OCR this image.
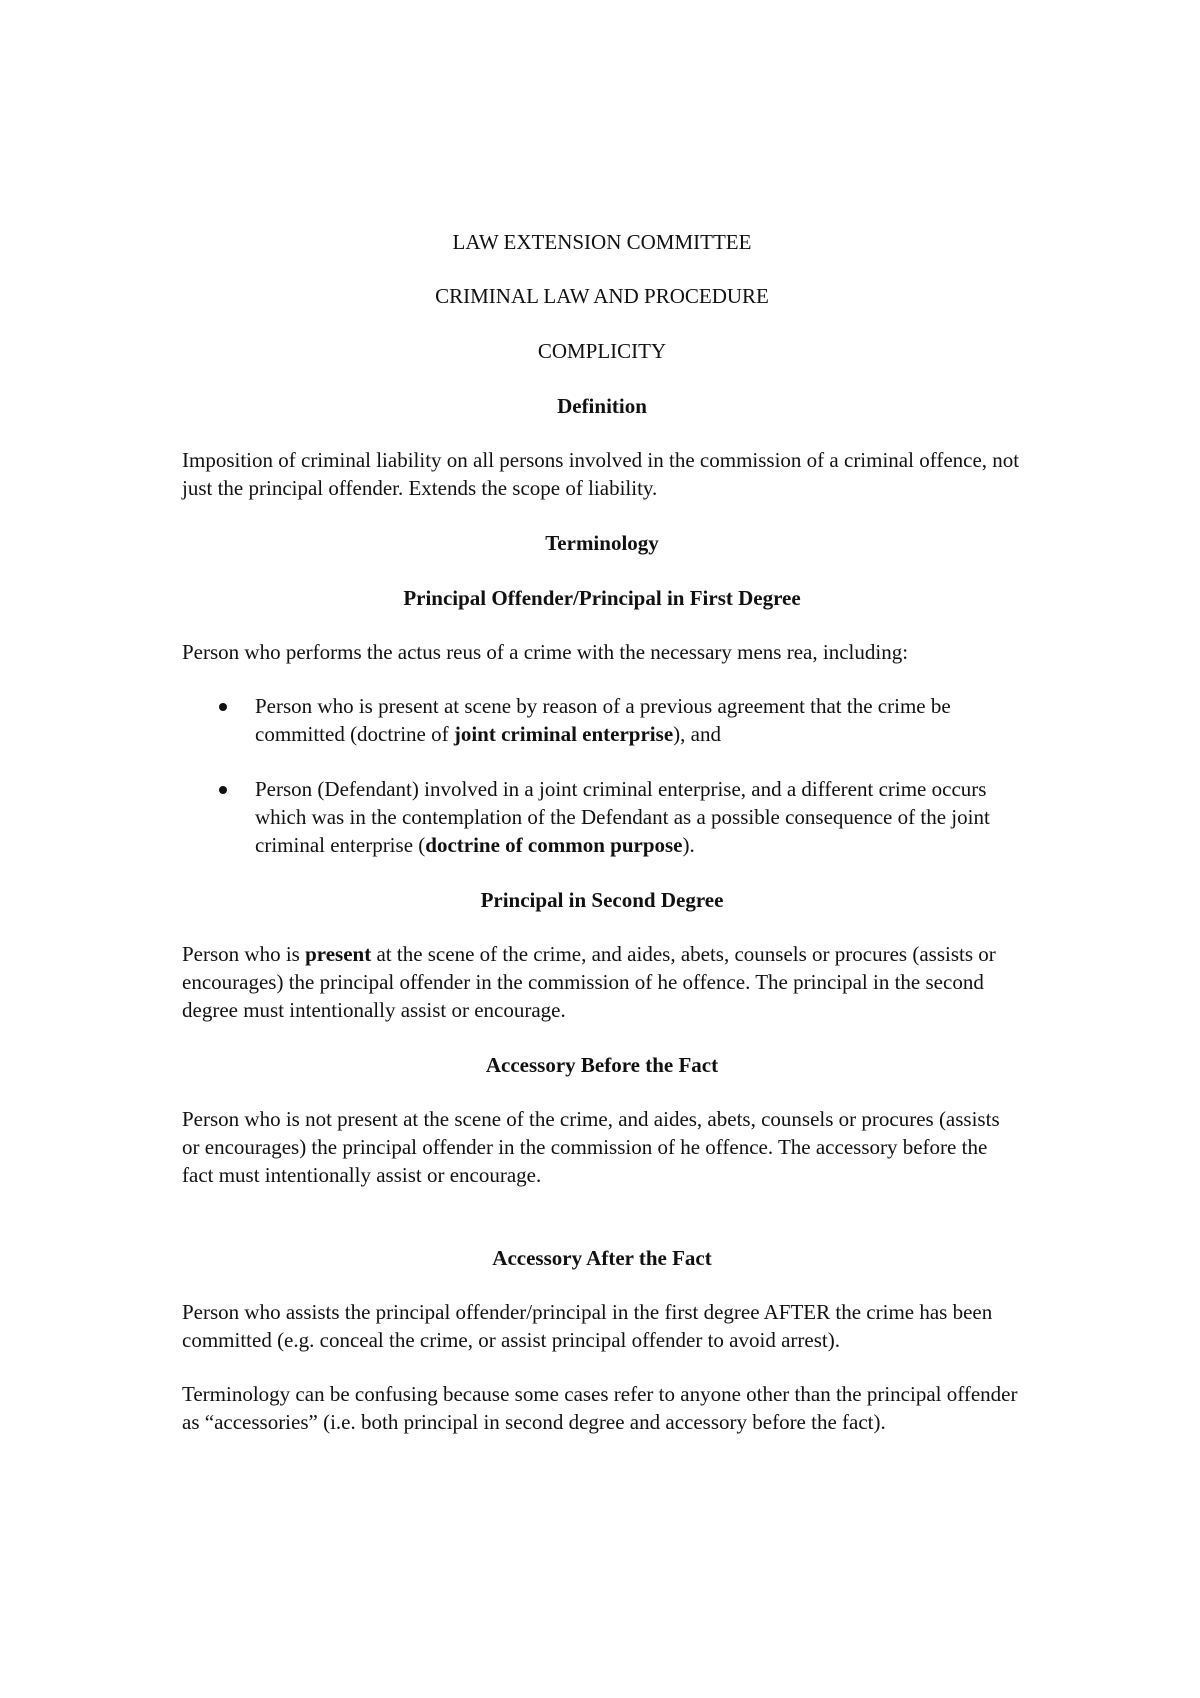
LAW EXTENSION COMMITTEE

CRIMINAL LAW AND PROCEDURE

COMPLICITY

Definition

Imposition of criminal liability on all persons involved in the commission of a criminal offence, not just the principal offender. Extends the scope of liability.

Terminology

Principal Offender/Principal in First Degree

Person who performs the actus reus of a crime with the necessary mens rea, including:

Person who is present at scene by reason of a previous agreement that the crime be committed (doctrine of joint criminal enterprise), and
Person (Defendant) involved in a joint criminal enterprise, and a different crime occurs which was in the contemplation of the Defendant as a possible consequence of the joint criminal enterprise (doctrine of common purpose).

Principal in Second Degree

Person who is present at the scene of the crime, and aides, abets, counsels or procures (assists or encourages) the principal offender in the commission of he offence. The principal in the second degree must intentionally assist or encourage.

Accessory Before the Fact

Person who is not present at the scene of the crime, and aides, abets, counsels or procures (assists or encourages) the principal offender in the commission of he offence. The accessory before the fact must intentionally assist or encourage.

Accessory After the Fact

Person who assists the principal offender/principal in the first degree AFTER the crime has been committed (e.g. conceal the crime, or assist principal offender to avoid arrest).

Terminology can be confusing because some cases refer to anyone other than the principal offender as “accessories” (i.e. both principal in second degree and accessory before the fact).
